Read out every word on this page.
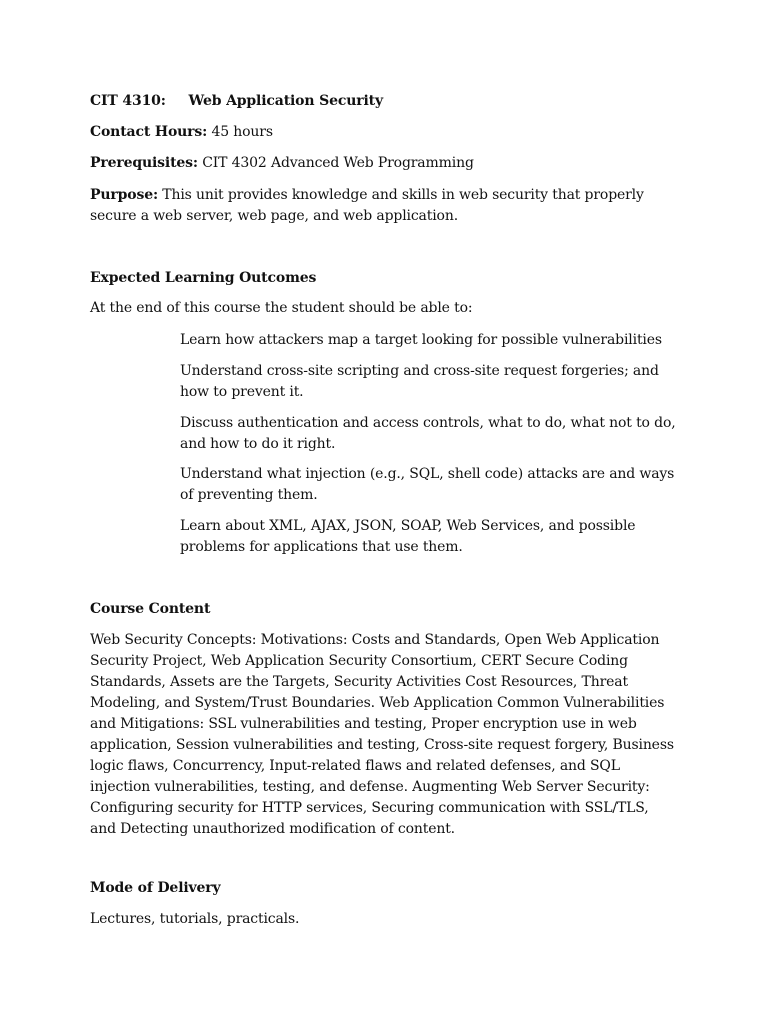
CIT 4310: Web Application Security

Contact Hours: 45 hours

Prerequisites: CIT 4302 Advanced Web Programming

Purpose: This unit provides knowledge and skills in web security that properly secure a web server, web page, and web application.

Expected Learning Outcomes

At the end of this course the student should be able to:

Learn how attackers map a target looking for possible vulnerabilities

Understand cross-site scripting and cross-site request forgeries; and how to prevent it.

Discuss authentication and access controls, what to do, what not to do, and how to do it right.

Understand what injection (e.g., SQL, shell code) attacks are and ways of preventing them.

Learn about XML, AJAX, JSON, SOAP, Web Services, and possible problems for applications that use them.

Course Content

Web Security Concepts: Motivations: Costs and Standards, Open Web Application Security Project, Web Application Security Consortium, CERT Secure Coding Standards, Assets are the Targets, Security Activities Cost Resources, Threat Modeling, and System/Trust Boundaries. Web Application Common Vulnerabilities and Mitigations: SSL vulnerabilities and testing, Proper encryption use in web application, Session vulnerabilities and testing, Cross-site request forgery, Business logic flaws, Concurrency, Input-related flaws and related defenses, and SQL injection vulnerabilities, testing, and defense. Augmenting Web Server Security: Configuring security for HTTP services, Securing communication with SSL/TLS, and Detecting unauthorized modification of content.

Mode of Delivery

Lectures, tutorials, practicals.
